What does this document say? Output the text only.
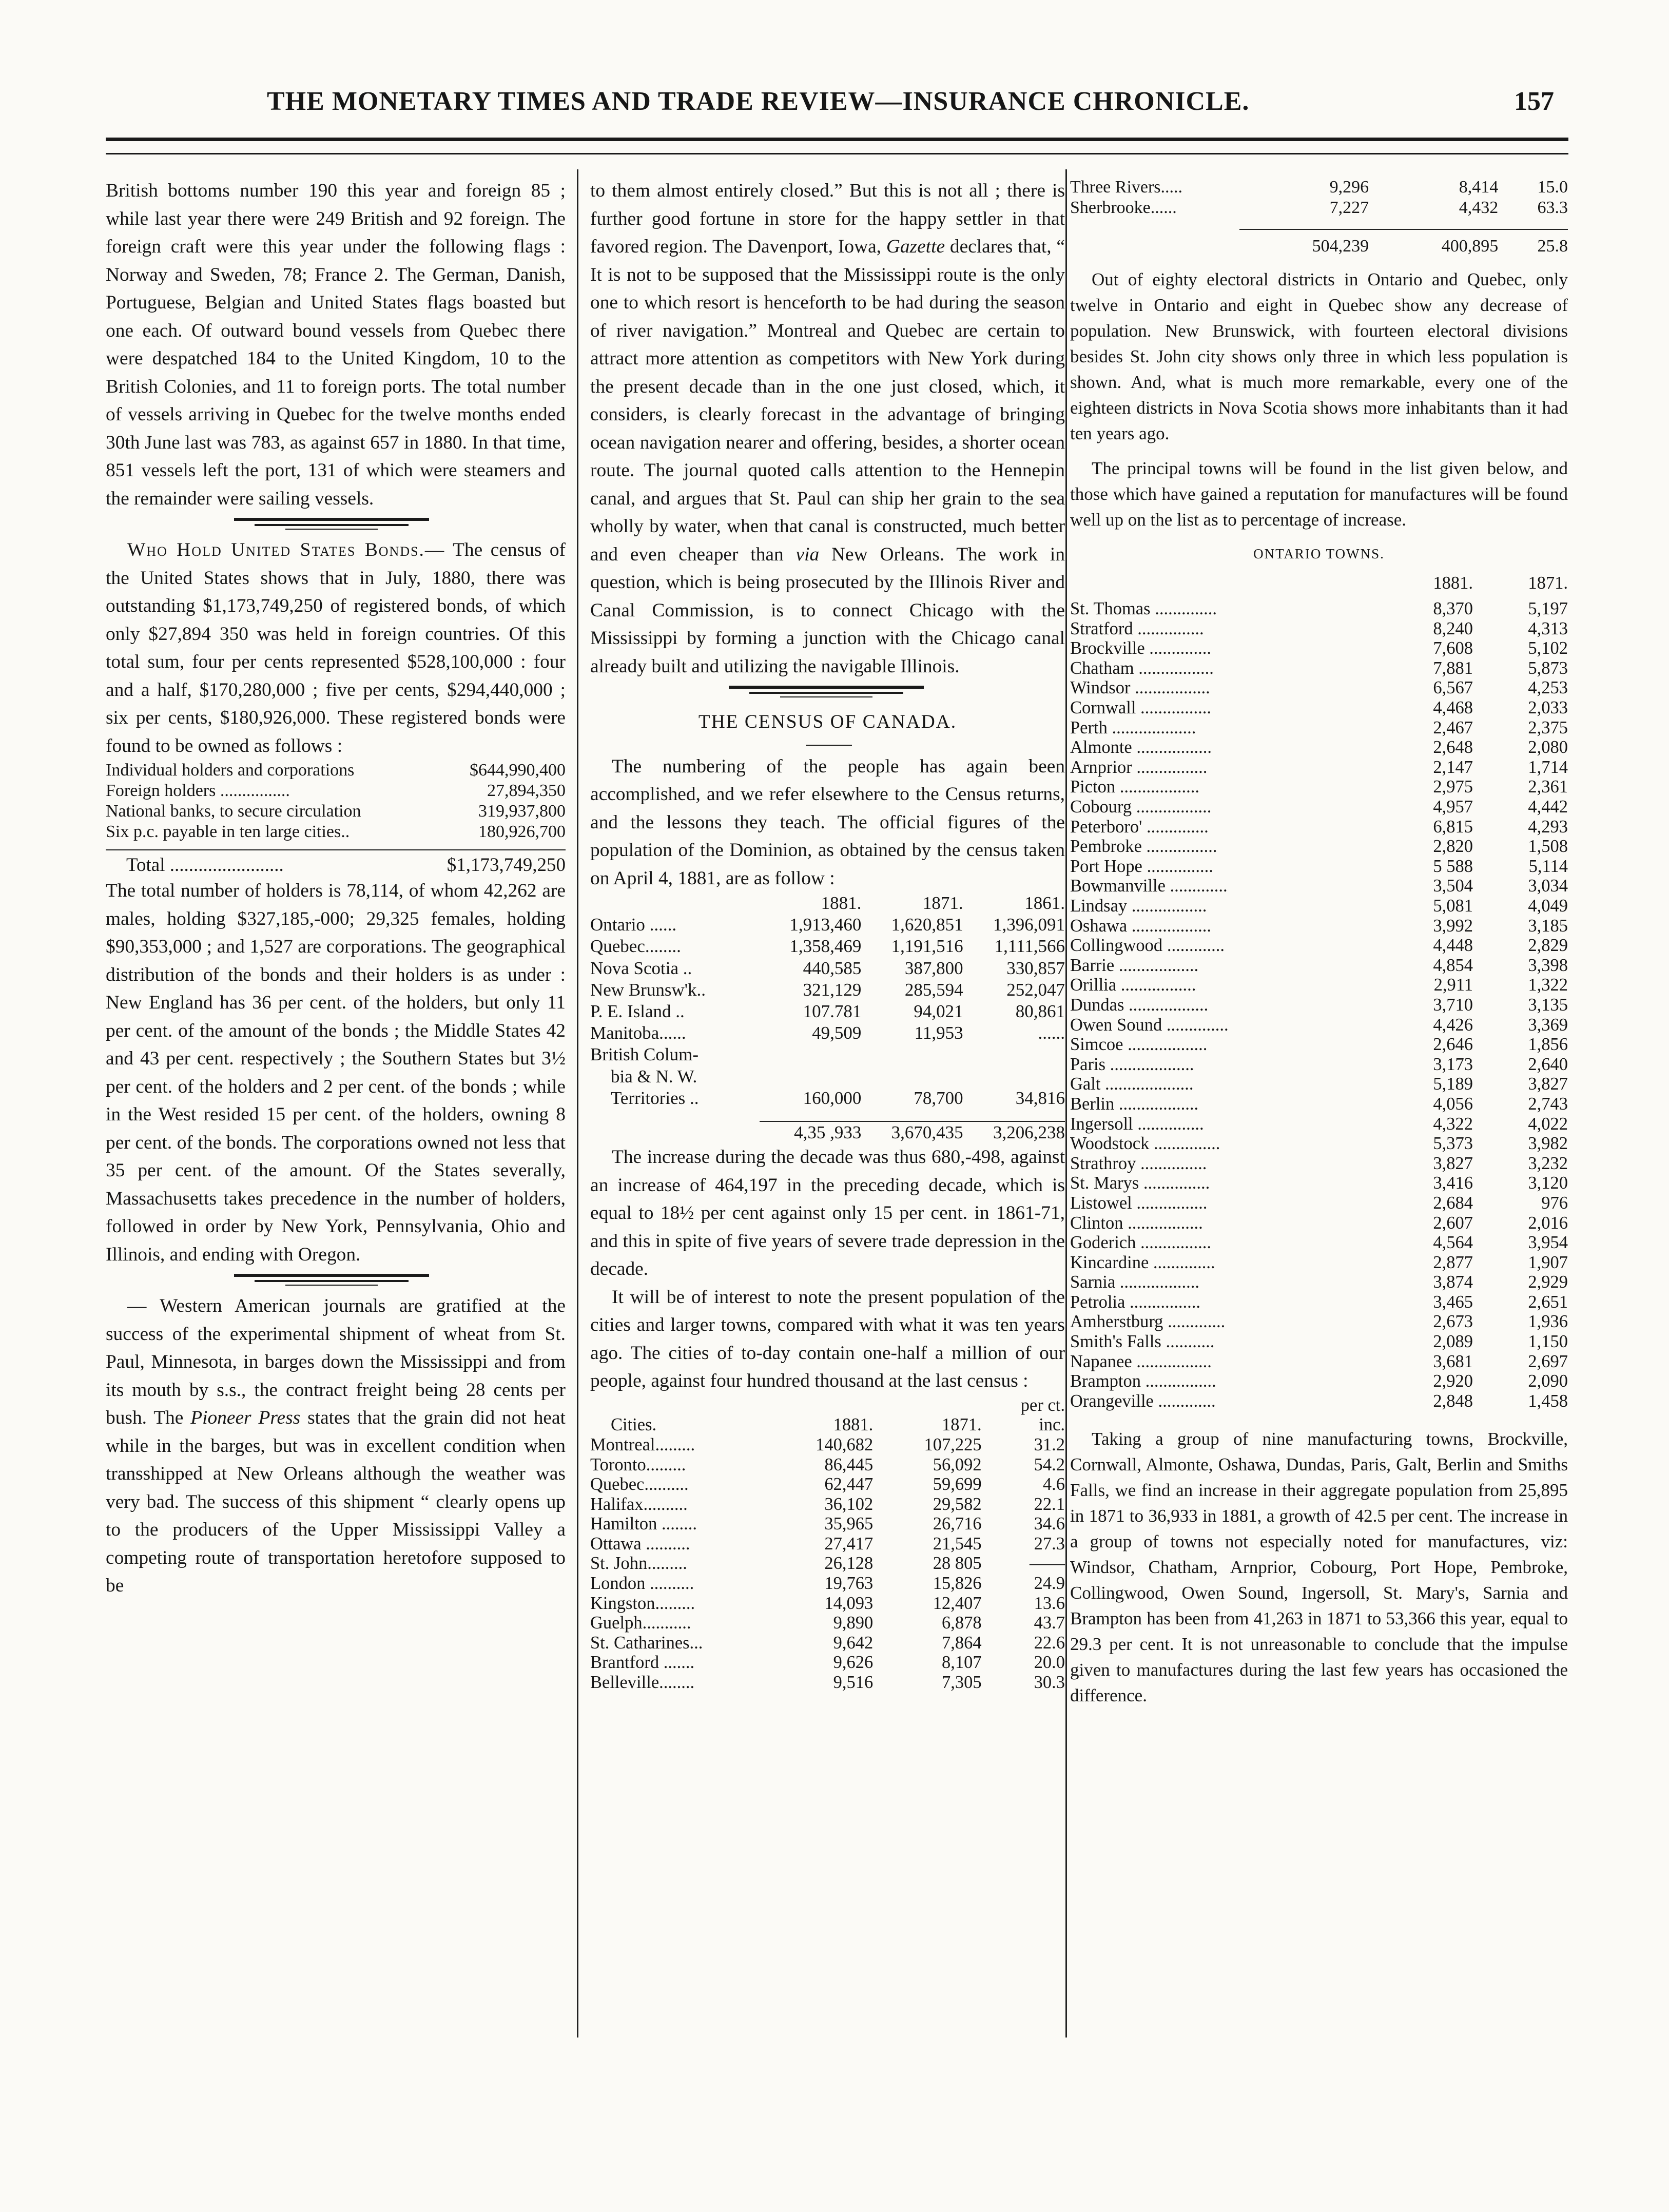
THE MONETARY TIMES AND TRADE REVIEW—INSURANCE CHRONICLE.	157

British bottoms number 190 this year and foreign 85 ; while last year there were 249 British and 92 foreign. The foreign craft were this year under the following flags : Norway and Sweden, 78; France 2. The German, Danish, Portuguese, Belgian and United States flags boasted but one each. Of outward bound vessels from Quebec there were despatched 184 to the United Kingdom, 10 to the British Colonies, and 11 to foreign ports. The total number of vessels arriving in Quebec for the twelve months ended 30th June last was 783, as against 657 in 1880. In that time, 851 vessels left the port, 131 of which were steamers and the remainder were sailing vessels.

Who Hold United States Bonds.— The census of the United States shows that in July, 1880, there was outstanding $1,173,749,250 of registered bonds, of which only $27,894 350 was held in foreign countries. Of this total sum, four per cents represented $528,100,000 : four and a half, $170,280,000 ; five per cents, $294,440,000 ; six per cents, $180,926,000. These registered bonds were found to be owned as follows :

Individual holders and corporations	$644,990,400
Foreign holders ................	27,894,350
National banks, to secure circulation	319,937,800
Six p.c. payable in ten large cities..	180,926,700
Total ........................	$1,173,749,250

The total number of holders is 78,114, of whom 42,262 are males, holding $327,185,-000; 29,325 females, holding $90,353,000 ; and 1,527 are corporations. The geographical distribution of the bonds and their holders is as under : New England has 36 per cent. of the holders, but only 11 per cent. of the amount of the bonds ; the Middle States 42 and 43 per cent. respectively ; the Southern States but 3½ per cent. of the holders and 2 per cent. of the bonds ; while in the West resided 15 per cent. of the holders, owning 8 per cent. of the bonds. The corporations owned not less that 35 per cent. of the amount. Of the States severally, Massachusetts takes precedence in the number of holders, followed in order by New York, Pennsylvania, Ohio and Illinois, and ending with Oregon.

— Western American journals are gratified at the success of the experimental shipment of wheat from St. Paul, Minnesota, in barges down the Mississippi and from its mouth by s.s., the contract freight being 28 cents per bush. The Pioneer Press states that the grain did not heat while in the barges, but was in excellent condition when transshipped at New Orleans although the weather was very bad. The success of this shipment “ clearly opens up to the producers of the Upper Mississippi Valley a competing route of transportation heretofore supposed to be

to them almost entirely closed.” But this is not all ; there is further good fortune in store for the happy settler in that favored region. The Davenport, Iowa, Gazette declares that, “ It is not to be supposed that the Mississippi route is the only one to which resort is henceforth to be had during the season of river navigation.” Montreal and Quebec are certain to attract more attention as competitors with New York during the present decade than in the one just closed, which, it considers, is clearly forecast in the advantage of bringing ocean navigation nearer and offering, besides, a shorter ocean route. The journal quoted calls attention to the Hennepin canal, and argues that St. Paul can ship her grain to the sea wholly by water, when that canal is constructed, much better and even cheaper than via New Orleans. The work in question, which is being prosecuted by the Illinois River and Canal Commission, is to connect Chicago with the Mississippi by forming a junction with the Chicago canal already built and utilizing the navigable Illinois.

THE CENSUS OF CANADA.

The numbering of the people has again been accomplished, and we refer elsewhere to the Census returns, and the lessons they teach. The official figures of the population of the Dominion, as obtained by the census taken on April 4, 1881, are as follow :

	1881.	1871.	1861.
Ontario ......	1,913,460	1,620,851	1,396,091
Quebec........	1,358,469	1,191,516	1,111,566
Nova Scotia ..	440,585	387,800	330,857
New Brunsw'k..	321,129	285,594	252,047
P. E. Island ..	107.781	94,021	80,861
Manitoba......	49,509	11,953	......
British Colum-			
bia & N. W.			
Territories ..	160,000	78,700	34,816

	4,35 ,933	3,670,435	3,206,238

The increase during the decade was thus 680,-498, against an increase of 464,197 in the preceding decade, which is equal to 18½ per cent against only 15 per cent. in 1861-71, and this in spite of five years of severe trade depression in the decade.

It will be of interest to note the present population of the cities and larger towns, compared with what it was ten years ago. The cities of to-day contain one-half a million of our people, against four hundred thousand at the last census :

			per ct.
Cities.	1881.	1871.	inc.
Montreal.........	140,682	107,225	31.2
Toronto.........	86,445	56,092	54.2
Quebec..........	62,447	59,699	4.6
Halifax..........	36,102	29,582	22.1
Hamilton ........	35,965	26,716	34.6
Ottawa ..........	27,417	21,545	27.3
St. John.........	26,128	28 805	——
London ..........	19,763	15,826	24.9
Kingston.........	14,093	12,407	13.6
Guelph...........	9,890	6,878	43.7
St. Catharines...	9,642	7,864	22.6
Brantford .......	9,626	8,107	20.0
Belleville........	9,516	7,305	30.3
Three Rivers.....	9,296	8,414	15.0
Sherbrooke......	7,227	4,432	63.3

	504,239	400,895	25.8

Out of eighty electoral districts in Ontario and Quebec, only twelve in Ontario and eight in Quebec show any decrease of population. New Brunswick, with fourteen electoral divisions besides St. John city shows only three in which less population is shown. And, what is much more remarkable, every one of the eighteen districts in Nova Scotia shows more inhabitants than it had ten years ago.

The principal towns will be found in the list given below, and those which have gained a reputation for manufactures will be found well up on the list as to percentage of increase.

ONTARIO TOWNS.
	1881.	1871.
St. Thomas ..............	8,370	5,197
Stratford ...............	8,240	4,313
Brockville ..............	7,608	5,102
Chatham .................	7,881	5,873
Windsor .................	6,567	4,253
Cornwall ................	4,468	2,033
Perth ...................	2,467	2,375
Almonte .................	2,648	2,080
Arnprior ................	2,147	1,714
Picton ..................	2,975	2,361
Cobourg .................	4,957	4,442
Peterboro' ..............	6,815	4,293
Pembroke ................	2,820	1,508
Port Hope ...............	5 588	5,114
Bowmanville .............	3,504	3,034
Lindsay .................	5,081	4,049
Oshawa ..................	3,992	3,185
Collingwood .............	4,448	2,829
Barrie ..................	4,854	3,398
Orillia .................	2,911	1,322
Dundas ..................	3,710	3,135
Owen Sound ..............	4,426	3,369
Simcoe ..................	2,646	1,856
Paris ...................	3,173	2,640
Galt ....................	5,189	3,827
Berlin ..................	4,056	2,743
Ingersoll ...............	4,322	4,022
Woodstock ...............	5,373	3,982
Strathroy ...............	3,827	3,232
St. Marys ...............	3,416	3,120
Listowel ................	2,684	976
Clinton .................	2,607	2,016
Goderich ................	4,564	3,954
Kincardine ..............	2,877	1,907
Sarnia ..................	3,874	2,929
Petrolia ................	3,465	2,651
Amherstburg .............	2,673	1,936
Smith's Falls ...........	2,089	1,150
Napanee .................	3,681	2,697
Brampton ................	2,920	2,090
Orangeville .............	2,848	1,458

Taking a group of nine manufacturing towns, Brockville, Cornwall, Almonte, Oshawa, Dundas, Paris, Galt, Berlin and Smiths Falls, we find an increase in their aggregate population from 25,895 in 1871 to 36,933 in 1881, a growth of 42.5 per cent. The increase in a group of towns not especially noted for manufactures, viz: Windsor, Chatham, Arnprior, Cobourg, Port Hope, Pembroke, Collingwood, Owen Sound, Ingersoll, St. Mary's, Sarnia and Brampton has been from 41,263 in 1871 to 53,366 this year, equal to 29.3 per cent. It is not unreasonable to conclude that the impulse given to manufactures during the last few years has occasioned the difference.
